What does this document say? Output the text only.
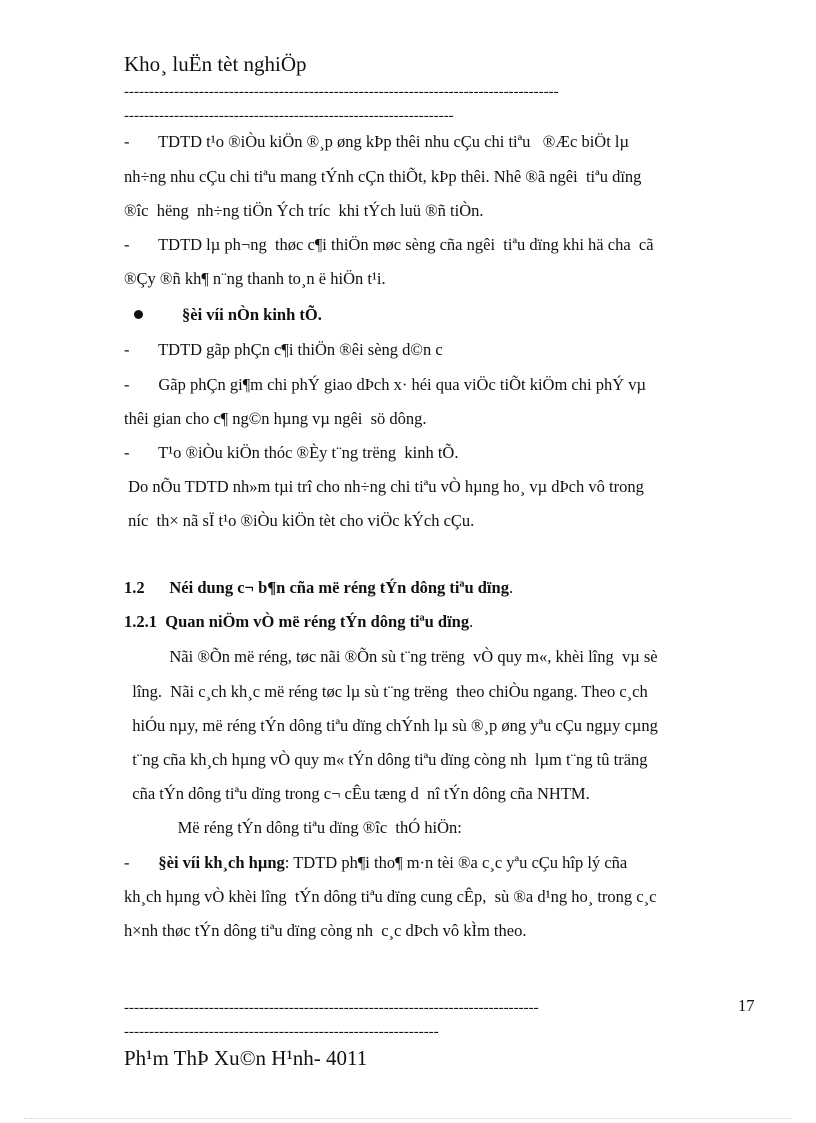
Kho¸ luËn tèt nghiÖp
---------------------------------------------------------------------------------------
------------------------------------------------------------------
-       TDTD t¹o ®iÒu kiÖn ®¸p øng kÞp thêi nhu cÇu chi tiªu   ®Æc biÖt lµ
nh÷ng nhu cÇu chi tiªu mang tÝnh cÇn thiÕt, kÞp thêi. Nhê ®ã ngêi  tiªu dïng
®îc  hëng  nh÷ng tiÖn Ých tríc  khi tÝch luü ®ñ tiÒn.
-       TDTD lµ ph¬ng  thøc c¶i thiÖn møc sèng cña ngêi  tiªu dïng khi hä cha  cã
®Çy ®ñ kh¶ n¨ng thanh to¸n ë hiÖn t¹i.
§èi víi nÒn kinh tÕ.
-       TDTD gãp phÇn c¶i thiÖn ®êi sèng d©n c
-       Gãp phÇn gi¶m chi phÝ giao dÞch x· héi qua viÖc tiÕt kiÖm chi phÝ vµ
thêi gian cho c¶ ng©n hµng vµ ngêi  sö dông.
-       T¹o ®iÒu kiÖn thóc ®Èy t¨ng trëng  kinh tÕ.
Do nÕu TDTD nh»m tµi trî cho nh÷ng chi tiªu vÒ hµng ho¸ vµ dÞch vô trong
níc  th× nã sÏ t¹o ®iÒu kiÖn tèt cho viÖc kÝch cÇu.
1.2      Néi dung c¬ b¶n cña më réng tÝn dông tiªu dïng.
1.2.1  Quan niÖm vÒ më réng tÝn dông tiªu dïng.
Nãi ®Õn më réng, tøc nãi ®Õn sù t¨ng trëng  vÒ quy m«, khèi lîng  vµ sè
lîng.  Nãi c¸ch kh¸c më réng tøc lµ sù t¨ng trëng  theo chiÒu ngang. Theo c¸ch
hiÓu nµy, më réng tÝn dông tiªu dïng chÝnh lµ sù ®¸p øng yªu cÇu ngµy cµng
t¨ng cña kh¸ch hµng vÒ quy m« tÝn dông tiªu dïng còng nh  lµm t¨ng tû träng
cña tÝn dông tiªu dïng trong c¬ cÊu tæng d  nî tÝn dông cña NHTM.
Më réng tÝn dông tiªu dïng ®îc  thÓ hiÖn:
-       §èi víi kh¸ch hµng: TDTD ph¶i tho¶ m·n tèi ®a c¸c yªu cÇu hîp lý cña
kh¸ch hµng vÒ khèi lîng  tÝn dông tiªu dïng cung cÊp,  sù ®a d¹ng ho¸ trong c¸c
h×nh thøc tÝn dông tiªu dïng còng nh  c¸c dÞch vô kÌm theo.
-----------------------------------------------------------------------------------	17
---------------------------------------------------------------
Ph¹m ThÞ Xu©n H¹nh- 4011
